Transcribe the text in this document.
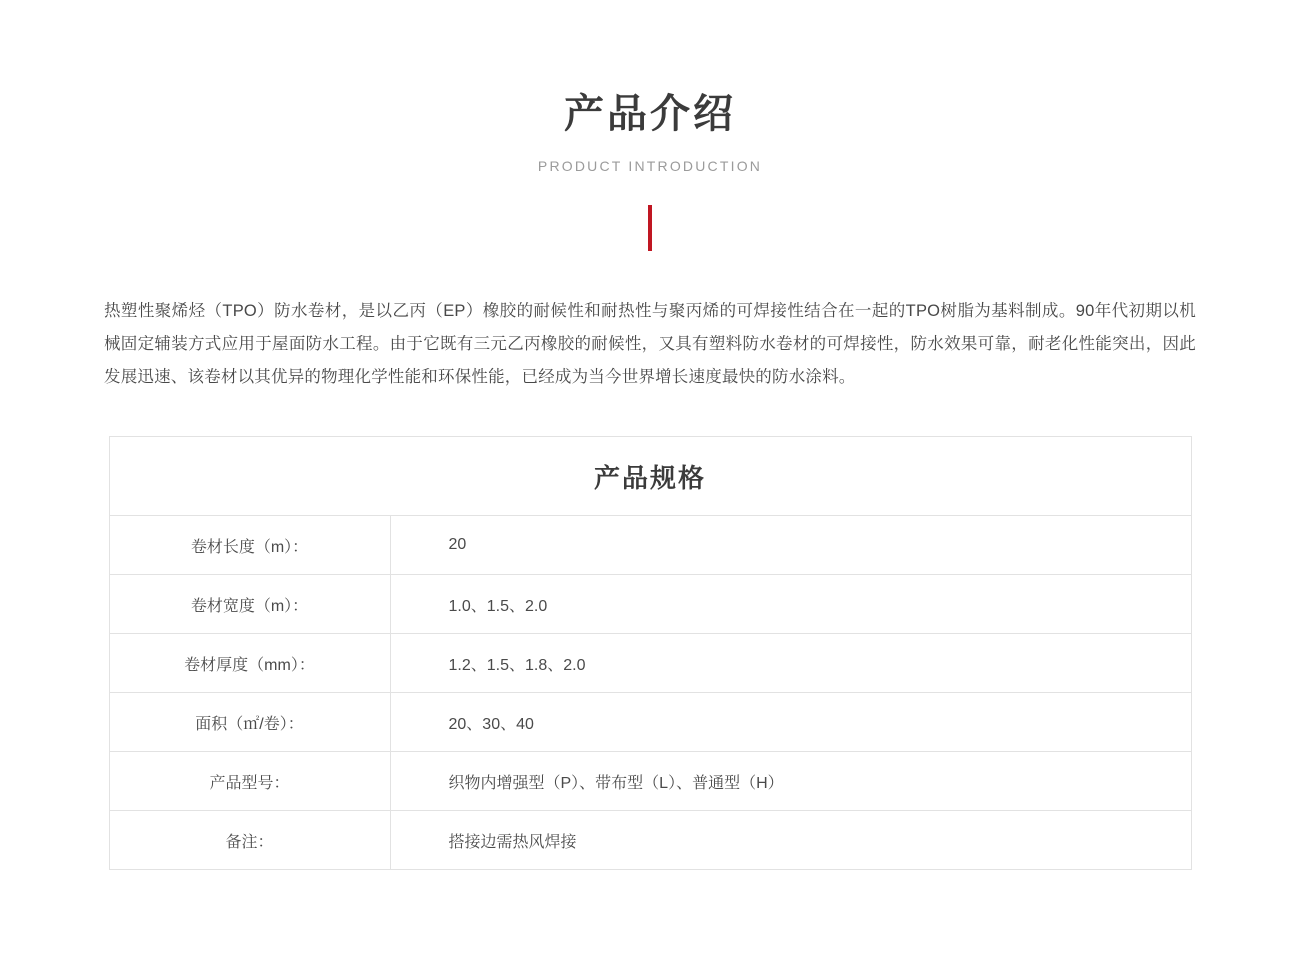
产品介绍
PRODUCT INTRODUCTION
热塑性聚烯烃（TPO）防水卷材，是以乙丙（EP）橡胶的耐候性和耐热性与聚丙烯的可焊接性结合在一起的TPO树脂为基料制成。90年代初期以机械固定辅装方式应用于屋面防水工程。由于它既有三元乙丙橡胶的耐候性，又具有塑料防水卷材的可焊接性，防水效果可靠，耐老化性能突出，因此发展迅速、该卷材以其优异的物理化学性能和环保性能，已经成为当今世界增长速度最快的防水涂料。
产品规格	
卷材长度（m）：	20
卷材宽度（m）：	1.0、1.5、2.0
卷材厚度（mm）：	1.2、1.5、1.8、2.0
面积（㎡/卷）：	20、30、40
产品型号：	织物内增强型（P）、带布型（L）、普通型（H）
备注：	搭接边需热风焊接
